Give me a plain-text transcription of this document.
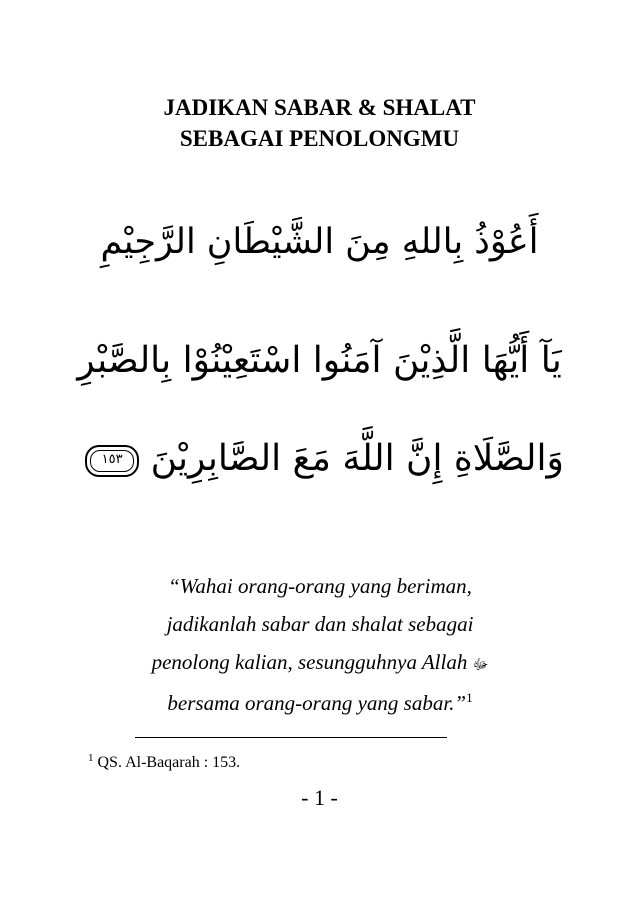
JADIKAN SABAR & SHALAT
SEBAGAI PENOLONGMU
أَعُوْذُ بِاللهِ مِنَ الشَّيْطَانِ الرَّجِيْمِ
يَآ أَيُّهَا الَّذِيْنَ آمَنُوا اسْتَعِيْنُوْا بِالصَّبْرِ
وَالصَّلَاةِ إِنَّ اللَّهَ مَعَ الصَّابِرِيْنَ
١٥٣
“Wahai orang-orang yang beriman,
jadikanlah sabar dan shalat sebagai
penolong kalian, sesungguhnya Allah ﷻ
bersama orang-orang yang sabar.”$^1$
$^1$ QS. Al-Baqarah : 153.
- 1 -
